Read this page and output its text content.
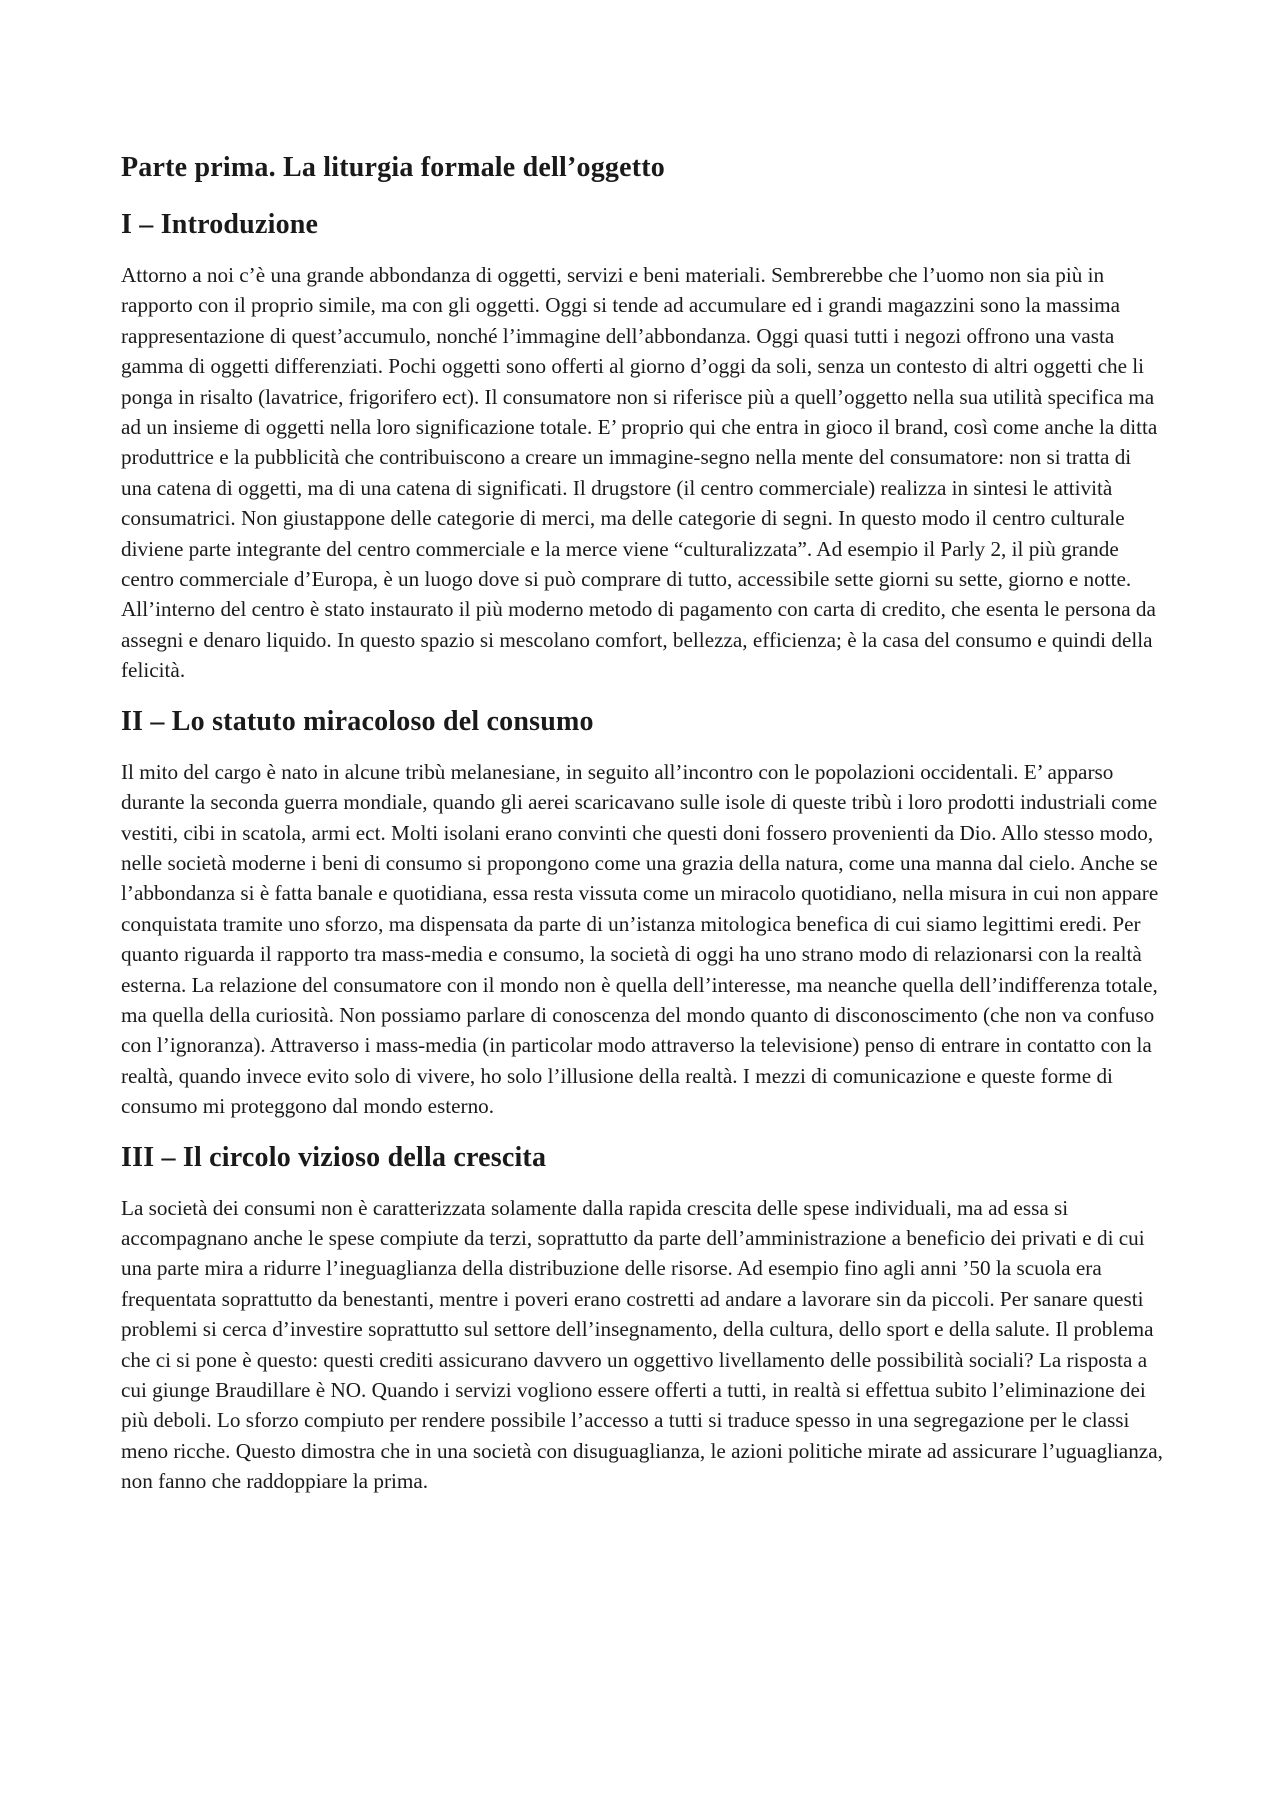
Parte prima. La liturgia formale dell’oggetto
I – Introduzione

Attorno a noi c’è una grande abbondanza di oggetti, servizi e beni materiali. Sembrerebbe che l’uomo non sia più in rapporto con il proprio simile, ma con gli oggetti. Oggi si tende ad accumulare ed i grandi magazzini sono la massima rappresentazione di quest’accumulo, nonché l’immagine dell’abbondanza. Oggi quasi tutti i negozi offrono una vasta gamma di oggetti differenziati. Pochi oggetti sono offerti al giorno d’oggi da soli, senza un contesto di altri oggetti che li ponga in risalto (lavatrice, frigorifero ect). Il consumatore non si riferisce più a quell’oggetto nella sua utilità specifica ma ad un insieme di oggetti nella loro significazione totale. E’ proprio qui che entra in gioco il brand, così come anche la ditta produttrice e la pubblicità che contribuiscono a creare un immagine-segno nella mente del consumatore: non si tratta di una catena di oggetti, ma di una catena di significati. Il drugstore (il centro commerciale) realizza in sintesi le attività consumatrici. Non giustappone delle categorie di merci, ma delle categorie di segni. In questo modo il centro culturale diviene parte integrante del centro commerciale e la merce viene “culturalizzata”. Ad esempio il Parly 2, il più grande centro commerciale d’Europa, è un luogo dove si può comprare di tutto, accessibile sette giorni su sette, giorno e notte. All’interno del centro è stato instaurato il più moderno metodo di pagamento con carta di credito, che esenta le persona da assegni e denaro liquido. In questo spazio si mescolano comfort, bellezza, efficienza; è la casa del consumo e quindi della felicità.

II – Lo statuto miracoloso del consumo

Il mito del cargo è nato in alcune tribù melanesiane, in seguito all’incontro con le popolazioni occidentali. E’ apparso durante la seconda guerra mondiale, quando gli aerei scaricavano sulle isole di queste tribù i loro prodotti industriali come vestiti, cibi in scatola, armi ect. Molti isolani erano convinti che questi doni fossero provenienti da Dio. Allo stesso modo, nelle società moderne i beni di consumo si propongono come una grazia della natura, come una manna dal cielo. Anche se l’abbondanza si è fatta banale e quotidiana, essa resta vissuta come un miracolo quotidiano, nella misura in cui non appare conquistata tramite uno sforzo, ma dispensata da parte di un’istanza mitologica benefica di cui siamo legittimi eredi. Per quanto riguarda il rapporto tra mass-media e consumo, la società di oggi ha uno strano modo di relazionarsi con la realtà esterna. La relazione del consumatore con il mondo non è quella dell’interesse, ma neanche quella dell’indifferenza totale, ma quella della curiosità. Non possiamo parlare di conoscenza del mondo quanto di disconoscimento (che non va confuso con l’ignoranza). Attraverso i mass-media (in particolar modo attraverso la televisione) penso di entrare in contatto con la realtà, quando invece evito solo di vivere, ho solo l’illusione della realtà. I mezzi di comunicazione e queste forme di consumo mi proteggono dal mondo esterno.

III – Il circolo vizioso della crescita

La società dei consumi non è caratterizzata solamente dalla rapida crescita delle spese individuali, ma ad essa si accompagnano anche le spese compiute da terzi, soprattutto da parte dell’amministrazione a beneficio dei privati e di cui una parte mira a ridurre l’ineguaglianza della distribuzione delle risorse. Ad esempio fino agli anni ’50 la scuola era frequentata soprattutto da benestanti, mentre i poveri erano costretti ad andare a lavorare sin da piccoli. Per sanare questi problemi si cerca d’investire soprattutto sul settore dell’insegnamento, della cultura, dello sport e della salute. Il problema che ci si pone è questo: questi crediti assicurano davvero un oggettivo livellamento delle possibilità sociali? La risposta a cui giunge Braudillare è NO. Quando i servizi vogliono essere offerti a tutti, in realtà si effettua subito l’eliminazione dei più deboli. Lo sforzo compiuto per rendere possibile l’accesso a tutti si traduce spesso in una segregazione per le classi meno ricche. Questo dimostra che in una società con disuguaglianza, le azioni politiche mirate ad assicurare l’uguaglianza, non fanno che raddoppiare la prima.
